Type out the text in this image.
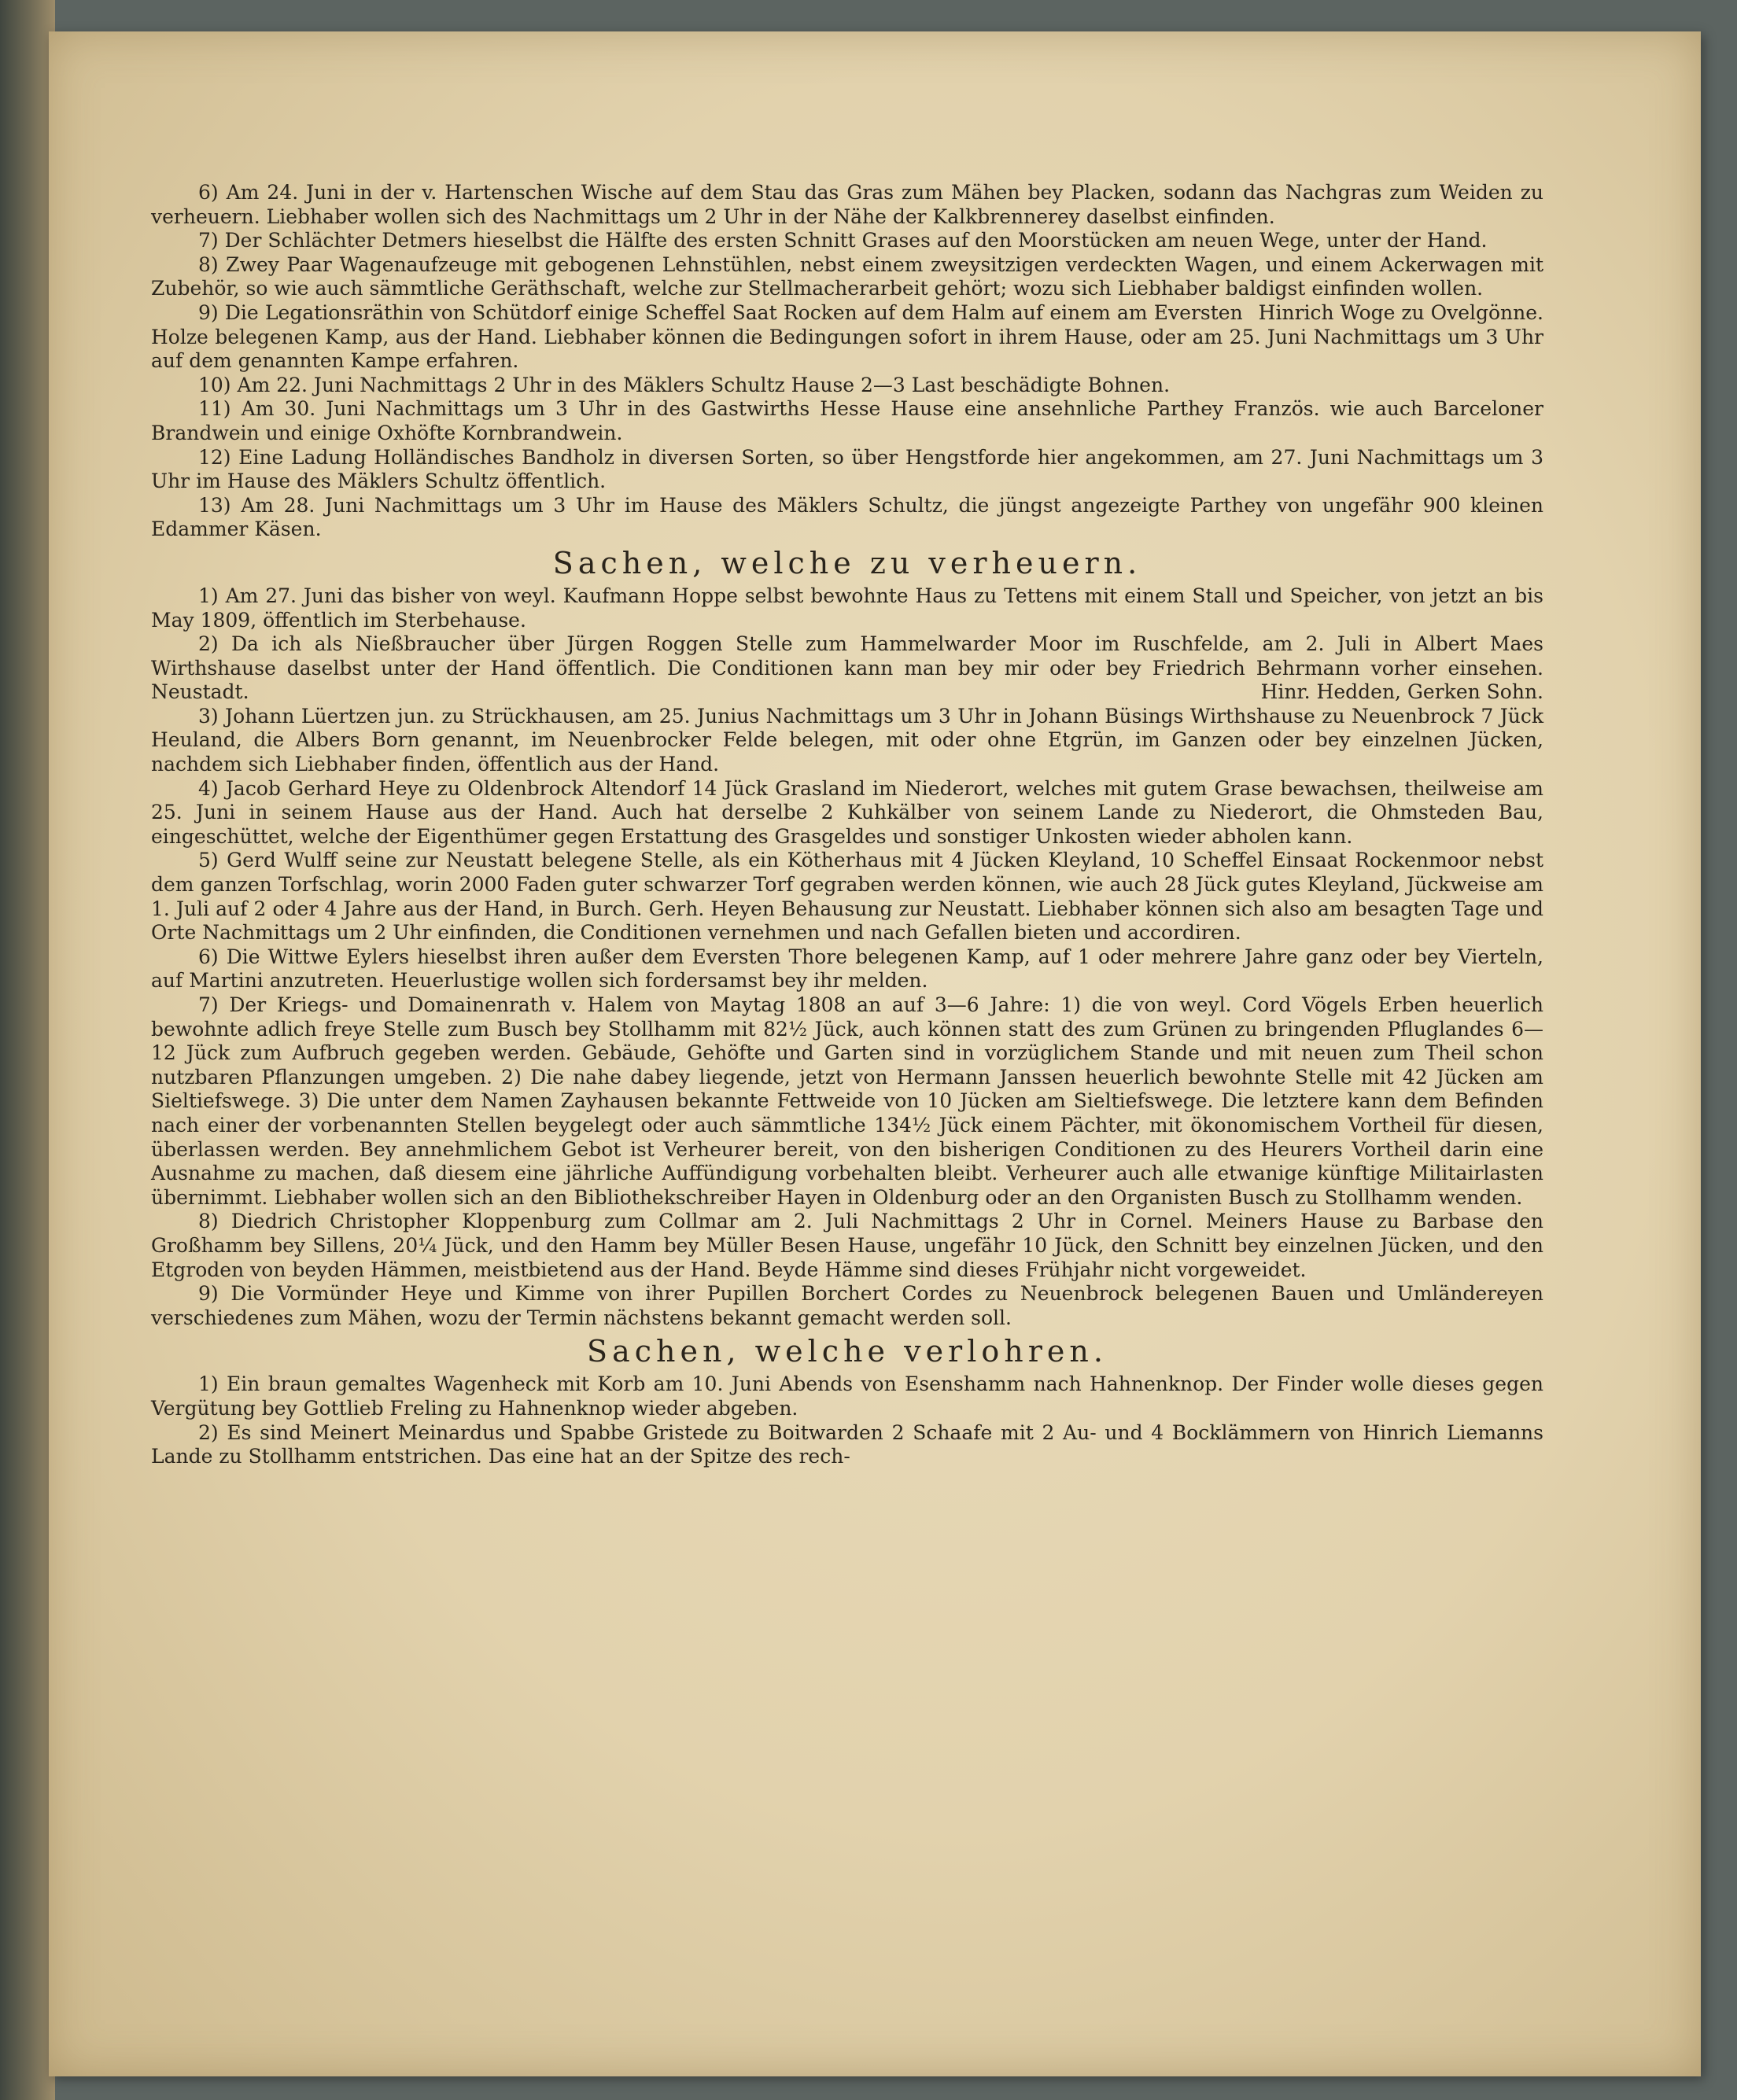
6) Am 24. Juni in der v. Hartenschen Wische auf dem Stau das Gras zum Mähen bey Placken, sodann das Nachgras zum Weiden zu verheuern. Liebhaber wollen sich des Nachmittags um 2 Uhr in der Nähe der Kalkbrennerey daselbst einfinden.

7) Der Schlächter Detmers hieselbst die Hälfte des ersten Schnitt Grases auf den Moorstücken am neuen Wege, unter der Hand.

8) Zwey Paar Wagenaufzeuge mit gebogenen Lehnstühlen, nebst einem zweysitzigen verdeckten Wagen, und einem Ackerwagen mit Zubehör, so wie auch sämmtliche Geräthschaft, welche zur Stellmacherarbeit gehört; wozu sich Liebhaber baldigst einfinden wollen.
Hinrich Woge zu Ovelgönne.

9) Die Legationsräthin von Schütdorf einige Scheffel Saat Rocken auf dem Halm auf einem am Eversten Holze belegenen Kamp, aus der Hand. Liebhaber können die Bedingungen sofort in ihrem Hause, oder am 25. Juni Nachmittags um 3 Uhr auf dem genannten Kampe erfahren.

10) Am 22. Juni Nachmittags 2 Uhr in des Mäklers Schultz Hause 2—3 Last beschädigte Bohnen.

11) Am 30. Juni Nachmittags um 3 Uhr in des Gastwirths Hesse Hause eine ansehnliche Parthey Französ. wie auch Barceloner Brandwein und einige Oxhöfte Kornbrandwein.

12) Eine Ladung Holländisches Bandholz in diversen Sorten, so über Hengstforde hier angekommen, am 27. Juni Nachmittags um 3 Uhr im Hause des Mäklers Schultz öffentlich.

13) Am 28. Juni Nachmittags um 3 Uhr im Hause des Mäklers Schultz, die jüngst angezeigte Parthey von ungefähr 900 kleinen Edammer Käsen.

Sachen, welche zu verheuern.

1) Am 27. Juni das bisher von weyl. Kaufmann Hoppe selbst bewohnte Haus zu Tettens mit einem Stall und Speicher, von jetzt an bis May 1809, öffentlich im Sterbehause.

2) Da ich als Nießbraucher über Jürgen Roggen Stelle zum Hammelwarder Moor im Ruschfelde, am 2. Juli in Albert Maes Wirthshause daselbst unter der Hand öffentlich. Die Conditionen kann man bey mir oder bey Friedrich Behrmann vorher einsehen. Neustadt.	Hinr. Hedden, Gerken Sohn.

3) Johann Lüertzen jun. zu Strückhausen, am 25. Junius Nachmittags um 3 Uhr in Johann Büsings Wirthshause zu Neuenbrock 7 Jück Heuland, die Albers Born genannt, im Neuenbrocker Felde belegen, mit oder ohne Etgrün, im Ganzen oder bey einzelnen Jücken, nachdem sich Liebhaber finden, öffentlich aus der Hand.

4) Jacob Gerhard Heye zu Oldenbrock Altendorf 14 Jück Grasland im Niederort, welches mit gutem Grase bewachsen, theilweise am 25. Juni in seinem Hause aus der Hand. Auch hat derselbe 2 Kuhkälber von seinem Lande zu Niederort, die Ohmsteden Bau, eingeschüttet, welche der Eigenthümer gegen Erstattung des Grasgeldes und sonstiger Unkosten wieder abholen kann.

5) Gerd Wulff seine zur Neustatt belegene Stelle, als ein Kötherhaus mit 4 Jücken Kleyland, 10 Scheffel Einsaat Rockenmoor nebst dem ganzen Torfschlag, worin 2000 Faden guter schwarzer Torf gegraben werden können, wie auch 28 Jück gutes Kleyland, Jückweise am 1. Juli auf 2 oder 4 Jahre aus der Hand, in Burch. Gerh. Heyen Behausung zur Neustatt. Liebhaber können sich also am besagten Tage und Orte Nachmittags um 2 Uhr einfinden, die Conditionen vernehmen und nach Gefallen bieten und accordiren.

6) Die Wittwe Eylers hieselbst ihren außer dem Eversten Thore belegenen Kamp, auf 1 oder mehrere Jahre ganz oder bey Vierteln, auf Martini anzutreten. Heuerlustige wollen sich fordersamst bey ihr melden.

7) Der Kriegs- und Domainenrath v. Halem von Maytag 1808 an auf 3—6 Jahre: 1) die von weyl. Cord Vögels Erben heuerlich bewohnte adlich freye Stelle zum Busch bey Stollhamm mit 82½ Jück, auch können statt des zum Grünen zu bringenden Pfluglandes 6—12 Jück zum Aufbruch gegeben werden. Gebäude, Gehöfte und Garten sind in vorzüglichem Stande und mit neuen zum Theil schon nutzbaren Pflanzungen umgeben. 2) Die nahe dabey liegende, jetzt von Hermann Janssen heuerlich bewohnte Stelle mit 42 Jücken am Sieltiefswege. 3) Die unter dem Namen Zayhausen bekannte Fettweide von 10 Jücken am Sieltiefswege. Die letztere kann dem Befinden nach einer der vorbenannten Stellen beygelegt oder auch sämmtliche 134½ Jück einem Pächter, mit ökonomischem Vortheil für diesen, überlassen werden. Bey annehmlichem Gebot ist Verheurer bereit, von den bisherigen Conditionen zu des Heurers Vortheil darin eine Ausnahme zu machen, daß diesem eine jährliche Auffündigung vorbehalten bleibt. Verheurer auch alle etwanige künftige Militairlasten übernimmt. Liebhaber wollen sich an den Bibliothekschreiber Hayen in Oldenburg oder an den Organisten Busch zu Stollhamm wenden.

8) Diedrich Christopher Kloppenburg zum Collmar am 2. Juli Nachmittags 2 Uhr in Cornel. Meiners Hause zu Barbase den Großhamm bey Sillens, 20¼ Jück, und den Hamm bey Müller Besen Hause, ungefähr 10 Jück, den Schnitt bey einzelnen Jücken, und den Etgroden von beyden Hämmen, meistbietend aus der Hand. Beyde Hämme sind dieses Frühjahr nicht vorgeweidet.

9) Die Vormünder Heye und Kimme von ihrer Pupillen Borchert Cordes zu Neuenbrock belegenen Bauen und Umländereyen verschiedenes zum Mähen, wozu der Termin nächstens bekannt gemacht werden soll.

Sachen, welche verlohren.

1) Ein braun gemaltes Wagenheck mit Korb am 10. Juni Abends von Esenshamm nach Hahnenknop. Der Finder wolle dieses gegen Vergütung bey Gottlieb Freling zu Hahnenknop wieder abgeben.

2) Es sind Meinert Meinardus und Spabbe Gristede zu Boitwarden 2 Schaafe mit 2 Au- und 4 Bocklämmern von Hinrich Liemanns Lande zu Stollhamm entstrichen. Das eine hat an der Spitze des rech-
